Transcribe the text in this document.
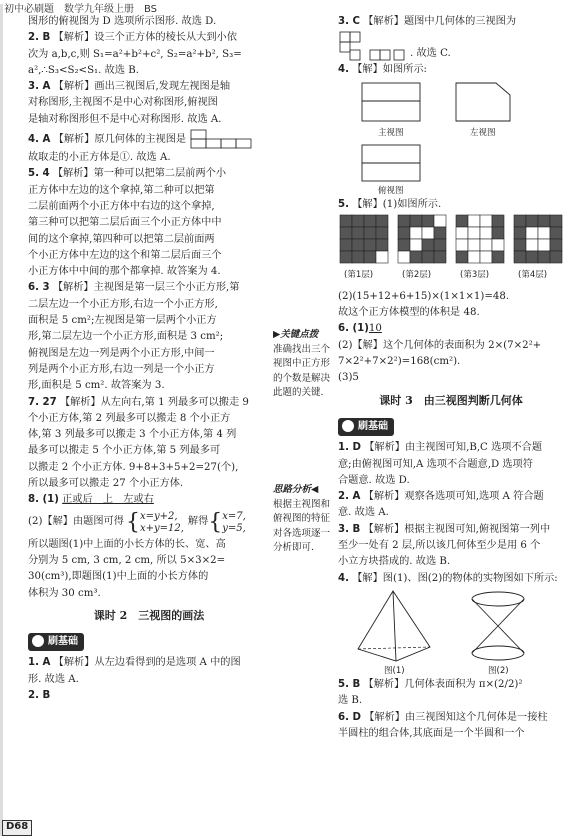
初中必刷题　数学九年级上册　BS
图形的俯视图为 D 选项所示图形. 故选 D.
2. B 【解析】设三个正方体的棱长从大到小依
次为 a,b,c,则 S₁=a²+b²+c², S₂=a²+b², S₃=
a²,∴S₃<S₂<S₁. 故选 B.
3. A 【解析】画出三视图后,发现左视图是轴
对称图形,主视图不是中心对称图形,俯视图
是轴对称图形但不是中心对称图形. 故选 A.
4. A 【解析】原几何体的主视图是
故取走的小正方体是①. 故选 A.
5. 4 【解析】第一种可以把第二层前两个小
正方体中左边的这个拿掉,第二种可以把第
二层前面两个小正方体中右边的这个拿掉,
第三种可以把第二层后面三个小正方体中中
间的这个拿掉,第四种可以把第二层前面两
个小正方体中左边的这个和第二层后面三个
小正方体中中间的那个都拿掉. 故答案为 4.
6. 3 【解析】主视图是第一层三个小正方形,第
二层左边一个小正方形,右边一个小正方形,
面积是 5 cm²;左视图是第一层两个小正方
形,第二层左边一个小正方形,面积是 3 cm²;
俯视图是左边一列是两个小正方形,中间一
列是两个小正方形,右边一列是一个小正方
形,面积是 5 cm². 故答案为 3.
7. 27 【解析】从左向右,第 1 列最多可以搬走 9
个小正方体,第 2 列最多可以搬走 8 个小正方
体,第 3 列最多可以搬走 3 个小正方体,第 4 列
最多可以搬走 5 个小正方体,第 5 列最多可
以搬走 2 个小正方体. 9+8+3+5+2=27(个),
所以最多可以搬走 27 个小正方体.
8. (1) 正或后　上　左或右
(2)【解】由题图可得 { x=y+2,
x+y=12,
解得 { x=7,
y=5,
所以题图(1)中上面的小长方体的长、宽、高
分别为 5 cm, 3 cm, 2 cm, 所以 5×3×2=
30(cm³),即题图(1)中上面的小长方体的
体积为 30 cm³.
课时 2　三视图的画法
刷基础
1. A 【解析】从左边看得到的是选项 A 中的图
形. 故选 A.
2. B
▶关键点拨
准确找出三个
视图中正方形
的个数是解决
此题的关键.
思路分析◀
根据主视图和
俯视图的特征
对各选项逐一
分析即可.
3. C 【解析】题图中几何体的三视图为
. 故选 C.
4. 【解】如图所示:
主视图	左视图
俯视图
5. 【解】(1)如图所示.
(第1层)	(第2层)	(第3层)	(第4层)
(2)(15+12+6+15)×(1×1×1)=48.
故这个正方体模型的体积是 48.
6. (1)10
(2)【解】这个几何体的表面积为 2×(7×2²+
7×2²+7×2²)=168(cm²).
(3)5
课时 3　由三视图判断几何体
刷基础
1. D 【解析】由主视图可知,B,C 选项不合题
意;由俯视图可知,A 选项不合题意,D 选项符
合题意. 故选 D.
2. A 【解析】观察各选项可知,选项 A 符合题
意. 故选 A.
3. B 【解析】根据主视图可知,俯视图第一列中
至少一处有 2 层,所以该几何体至少是用 6 个
小立方块搭成的. 故选 B.
4. 【解】图(1)、图(2)的物体的实物图如下所示:
图(1)	图(2)
5. B 【解析】几何体表面积为 π×(2/2)²
选 B.
6. D 【解析】由三视图知这个几何体是一接柱
半圆柱的组合体,其底面是一个半圆和一个
D68
